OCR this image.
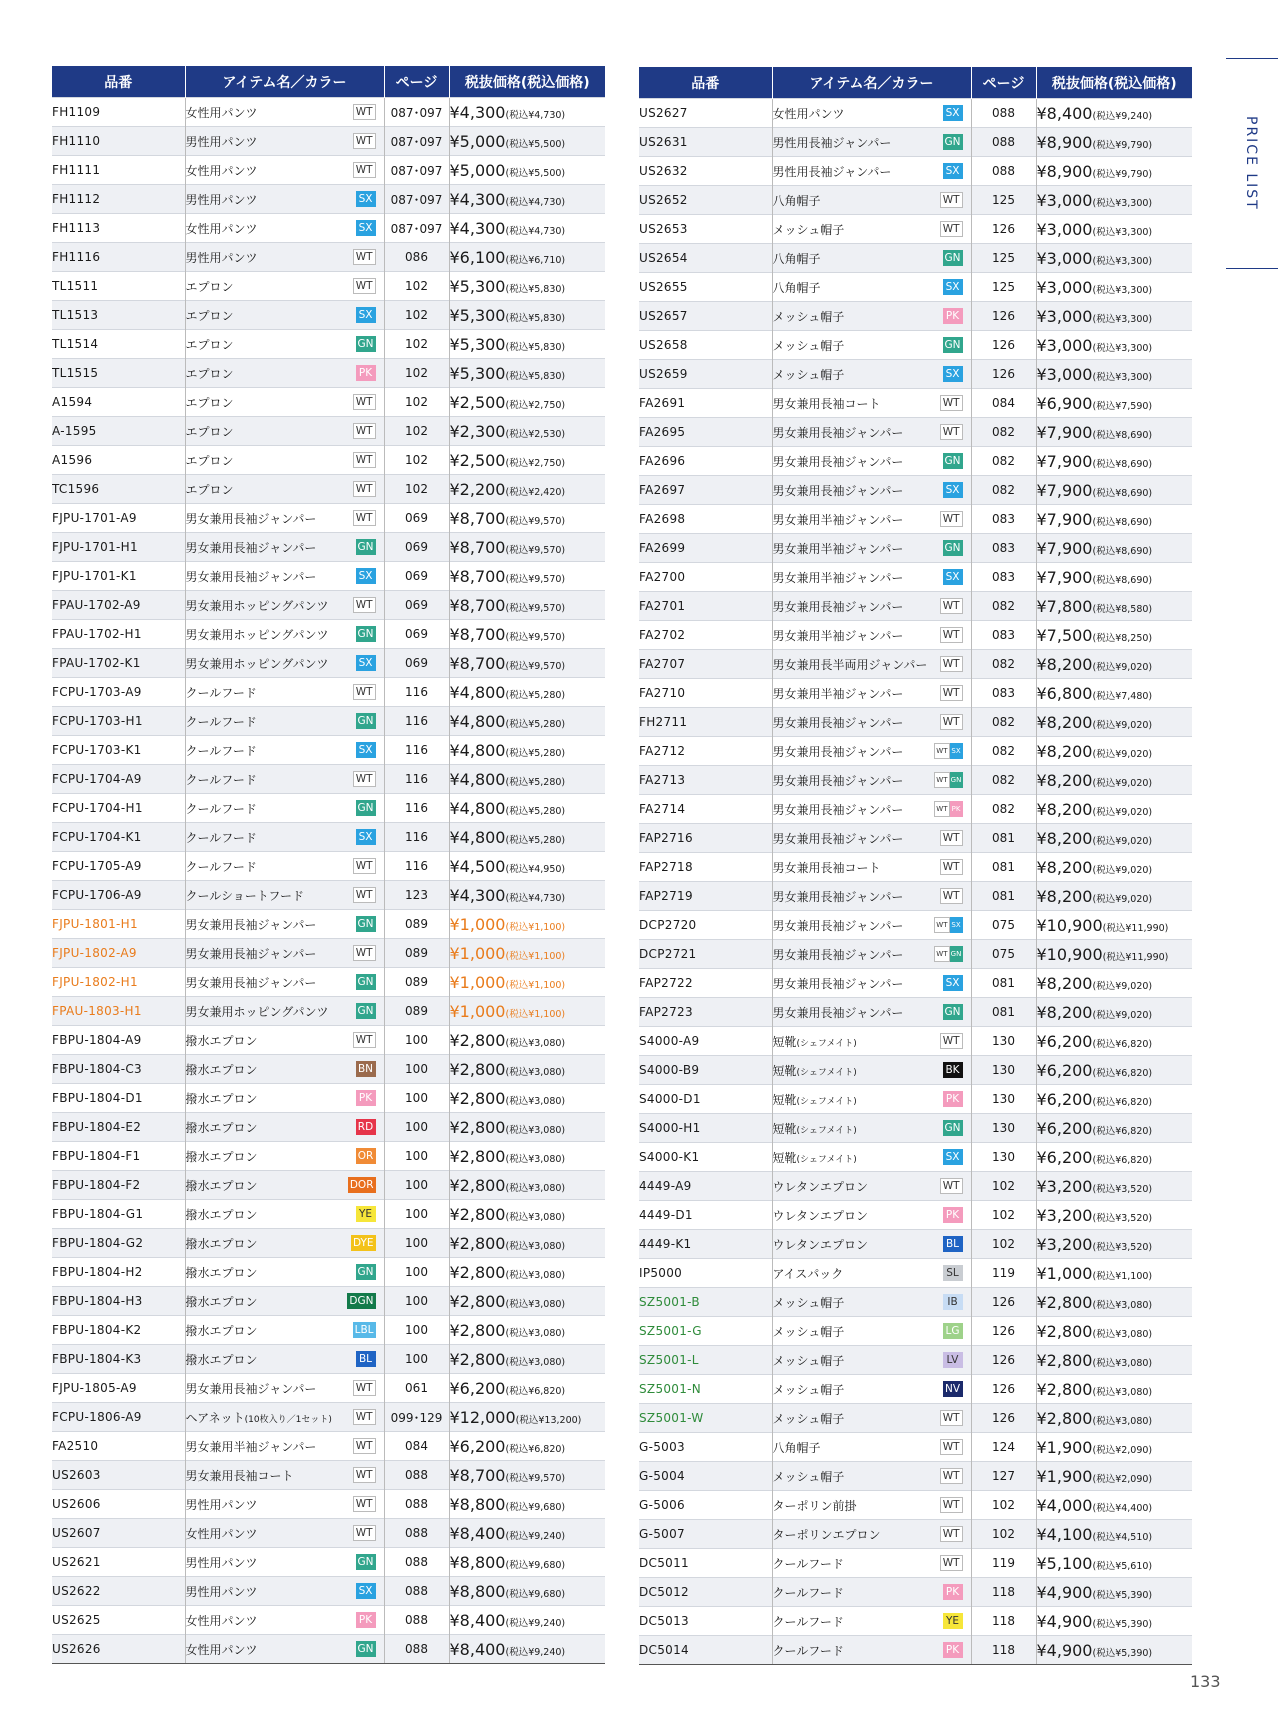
品番	アイテム名／カラー	ページ	税抜価格(税込価格)
FH1109	女性用パンツ WT	087･097	¥4,300(税込¥4,730)
FH1110	男性用パンツ WT	087･097	¥5,000(税込¥5,500)
FH1111	女性用パンツ WT	087･097	¥5,000(税込¥5,500)
FH1112	男性用パンツ SX	087･097	¥4,300(税込¥4,730)
FH1113	女性用パンツ SX	087･097	¥4,300(税込¥4,730)
FH1116	男性用パンツ WT	086	¥6,100(税込¥6,710)
TL1511	エプロン WT	102	¥5,300(税込¥5,830)
TL1513	エプロン SX	102	¥5,300(税込¥5,830)
TL1514	エプロン GN	102	¥5,300(税込¥5,830)
TL1515	エプロン PK	102	¥5,300(税込¥5,830)
A1594	エプロン WT	102	¥2,500(税込¥2,750)
A-1595	エプロン WT	102	¥2,300(税込¥2,530)
A1596	エプロン WT	102	¥2,500(税込¥2,750)
TC1596	エプロン WT	102	¥2,200(税込¥2,420)
FJPU-1701-A9	男女兼用長袖ジャンパー WT	069	¥8,700(税込¥9,570)
FJPU-1701-H1	男女兼用長袖ジャンパー GN	069	¥8,700(税込¥9,570)
FJPU-1701-K1	男女兼用長袖ジャンパー SX	069	¥8,700(税込¥9,570)
FPAU-1702-A9	男女兼用ホッピングパンツ WT	069	¥8,700(税込¥9,570)
FPAU-1702-H1	男女兼用ホッピングパンツ GN	069	¥8,700(税込¥9,570)
FPAU-1702-K1	男女兼用ホッピングパンツ SX	069	¥8,700(税込¥9,570)
FCPU-1703-A9	クールフード WT	116	¥4,800(税込¥5,280)
FCPU-1703-H1	クールフード GN	116	¥4,800(税込¥5,280)
FCPU-1703-K1	クールフード SX	116	¥4,800(税込¥5,280)
FCPU-1704-A9	クールフード WT	116	¥4,800(税込¥5,280)
FCPU-1704-H1	クールフード GN	116	¥4,800(税込¥5,280)
FCPU-1704-K1	クールフード SX	116	¥4,800(税込¥5,280)
FCPU-1705-A9	クールフード WT	116	¥4,500(税込¥4,950)
FCPU-1706-A9	クールショートフード WT	123	¥4,300(税込¥4,730)
FJPU-1801-H1	男女兼用長袖ジャンパー GN	089	¥1,000(税込¥1,100)
FJPU-1802-A9	男女兼用長袖ジャンパー WT	089	¥1,000(税込¥1,100)
FJPU-1802-H1	男女兼用長袖ジャンパー GN	089	¥1,000(税込¥1,100)
FPAU-1803-H1	男女兼用ホッピングパンツ GN	089	¥1,000(税込¥1,100)
FBPU-1804-A9	撥水エプロン WT	100	¥2,800(税込¥3,080)
FBPU-1804-C3	撥水エプロン BN	100	¥2,800(税込¥3,080)
FBPU-1804-D1	撥水エプロン PK	100	¥2,800(税込¥3,080)
FBPU-1804-E2	撥水エプロン RD	100	¥2,800(税込¥3,080)
FBPU-1804-F1	撥水エプロン OR	100	¥2,800(税込¥3,080)
FBPU-1804-F2	撥水エプロン DOR	100	¥2,800(税込¥3,080)
FBPU-1804-G1	撥水エプロン YE	100	¥2,800(税込¥3,080)
FBPU-1804-G2	撥水エプロン DYE	100	¥2,800(税込¥3,080)
FBPU-1804-H2	撥水エプロン GN	100	¥2,800(税込¥3,080)
FBPU-1804-H3	撥水エプロン DGN	100	¥2,800(税込¥3,080)
FBPU-1804-K2	撥水エプロン LBL	100	¥2,800(税込¥3,080)
FBPU-1804-K3	撥水エプロン BL	100	¥2,800(税込¥3,080)
FJPU-1805-A9	男女兼用長袖ジャンパー WT	061	¥6,200(税込¥6,820)
FCPU-1806-A9	ヘアネット(10枚入り／1セット) WT	099･129	¥12,000(税込¥13,200)
FA2510	男女兼用半袖ジャンパー WT	084	¥6,200(税込¥6,820)
US2603	男女兼用長袖コート WT	088	¥8,700(税込¥9,570)
US2606	男性用パンツ WT	088	¥8,800(税込¥9,680)
US2607	女性用パンツ WT	088	¥8,400(税込¥9,240)
US2621	男性用パンツ GN	088	¥8,800(税込¥9,680)
US2622	男性用パンツ SX	088	¥8,800(税込¥9,680)
US2625	女性用パンツ PK	088	¥8,400(税込¥9,240)
US2626	女性用パンツ GN	088	¥8,400(税込¥9,240)
品番	アイテム名／カラー	ページ	税抜価格(税込価格)
US2627	女性用パンツ SX	088	¥8,400(税込¥9,240)
US2631	男性用長袖ジャンパー GN	088	¥8,900(税込¥9,790)
US2632	男性用長袖ジャンパー SX	088	¥8,900(税込¥9,790)
US2652	八角帽子 WT	125	¥3,000(税込¥3,300)
US2653	メッシュ帽子 WT	126	¥3,000(税込¥3,300)
US2654	八角帽子 GN	125	¥3,000(税込¥3,300)
US2655	八角帽子 SX	125	¥3,000(税込¥3,300)
US2657	メッシュ帽子 PK	126	¥3,000(税込¥3,300)
US2658	メッシュ帽子 GN	126	¥3,000(税込¥3,300)
US2659	メッシュ帽子 SX	126	¥3,000(税込¥3,300)
FA2691	男女兼用長袖コート WT	084	¥6,900(税込¥7,590)
FA2695	男女兼用長袖ジャンパー WT	082	¥7,900(税込¥8,690)
FA2696	男女兼用長袖ジャンパー GN	082	¥7,900(税込¥8,690)
FA2697	男女兼用長袖ジャンパー SX	082	¥7,900(税込¥8,690)
FA2698	男女兼用半袖ジャンパー WT	083	¥7,900(税込¥8,690)
FA2699	男女兼用半袖ジャンパー GN	083	¥7,900(税込¥8,690)
FA2700	男女兼用半袖ジャンパー SX	083	¥7,900(税込¥8,690)
FA2701	男女兼用長袖ジャンパー WT	082	¥7,800(税込¥8,580)
FA2702	男女兼用半袖ジャンパー WT	083	¥7,500(税込¥8,250)
FA2707	男女兼用長半両用ジャンパー WT	082	¥8,200(税込¥9,020)
FA2710	男女兼用半袖ジャンパー WT	083	¥6,800(税込¥7,480)
FH2711	男女兼用長袖ジャンパー WT	082	¥8,200(税込¥9,020)
FA2712	男女兼用長袖ジャンパー WT SX	082	¥8,200(税込¥9,020)
FA2713	男女兼用長袖ジャンパー WT GN	082	¥8,200(税込¥9,020)
FA2714	男女兼用長袖ジャンパー WT PK	082	¥8,200(税込¥9,020)
FAP2716	男女兼用長袖ジャンパー WT	081	¥8,200(税込¥9,020)
FAP2718	男女兼用長袖コート WT	081	¥8,200(税込¥9,020)
FAP2719	男女兼用長袖ジャンパー WT	081	¥8,200(税込¥9,020)
DCP2720	男女兼用長袖ジャンパー WT SX	075	¥10,900(税込¥11,990)
DCP2721	男女兼用長袖ジャンパー WT GN	075	¥10,900(税込¥11,990)
FAP2722	男女兼用長袖ジャンパー SX	081	¥8,200(税込¥9,020)
FAP2723	男女兼用長袖ジャンパー GN	081	¥8,200(税込¥9,020)
S4000-A9	短靴(シェフメイト) WT	130	¥6,200(税込¥6,820)
S4000-B9	短靴(シェフメイト) BK	130	¥6,200(税込¥6,820)
S4000-D1	短靴(シェフメイト) PK	130	¥6,200(税込¥6,820)
S4000-H1	短靴(シェフメイト) GN	130	¥6,200(税込¥6,820)
S4000-K1	短靴(シェフメイト) SX	130	¥6,200(税込¥6,820)
4449-A9	ウレタンエプロン WT	102	¥3,200(税込¥3,520)
4449-D1	ウレタンエプロン PK	102	¥3,200(税込¥3,520)
4449-K1	ウレタンエプロン BL	102	¥3,200(税込¥3,520)
IP5000	アイスパック SL	119	¥1,000(税込¥1,100)
SZ5001-B	メッシュ帽子 IB	126	¥2,800(税込¥3,080)
SZ5001-G	メッシュ帽子 LG	126	¥2,800(税込¥3,080)
SZ5001-L	メッシュ帽子 LV	126	¥2,800(税込¥3,080)
SZ5001-N	メッシュ帽子 NV	126	¥2,800(税込¥3,080)
SZ5001-W	メッシュ帽子 WT	126	¥2,800(税込¥3,080)
G-5003	八角帽子 WT	124	¥1,900(税込¥2,090)
G-5004	メッシュ帽子 WT	127	¥1,900(税込¥2,090)
G-5006	ターポリン前掛 WT	102	¥4,000(税込¥4,400)
G-5007	ターポリンエプロン WT	102	¥4,100(税込¥4,510)
DC5011	クールフード WT	119	¥5,100(税込¥5,610)
DC5012	クールフード PK	118	¥4,900(税込¥5,390)
DC5013	クールフード YE	118	¥4,900(税込¥5,390)
DC5014	クールフード PK	118	¥4,900(税込¥5,390)
PRICE LIST
133
